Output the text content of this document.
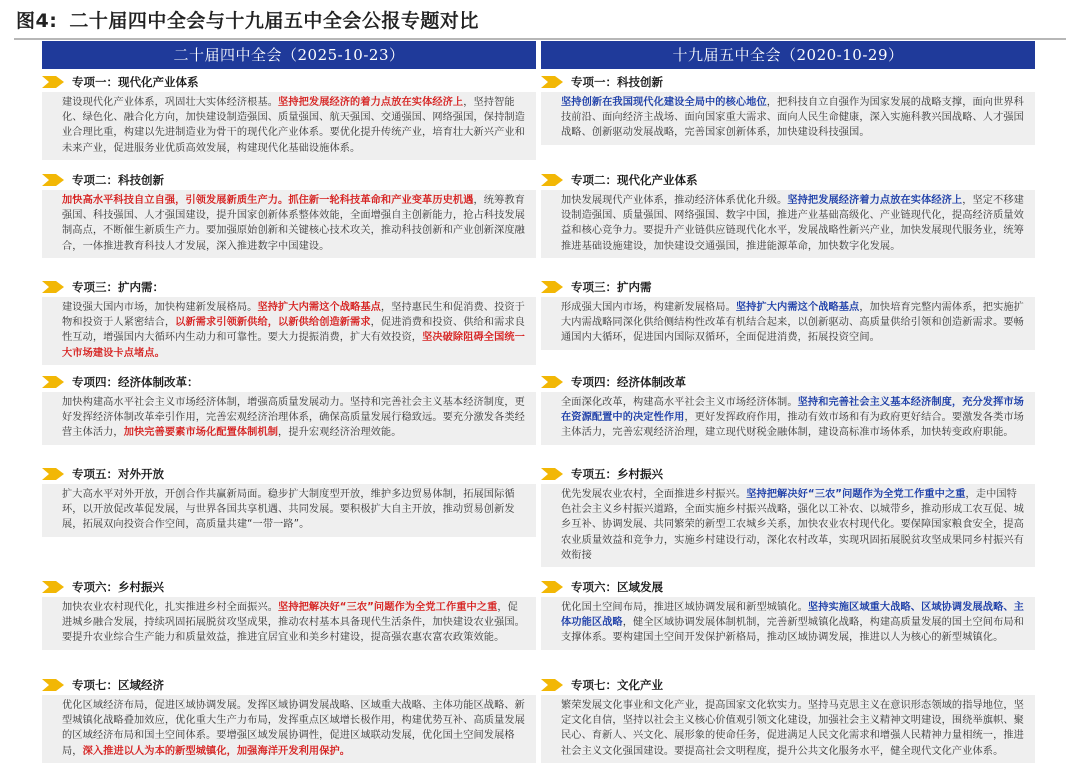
图4: 二十届四中全会与十九届五中全会公报专题对比
二十届四中全会（2025-10-23）	十九届五中全会（2020-10-29）
专项一：现代化产业体系
建设现代化产业体系，巩固壮大实体经济根基。坚持把发展经济的着力点放在实体经济上，坚持智能化、绿色化、融合化方向，加快建设制造强国、质量强国、航天强国、交通强国、网络强国，保持制造业合理比重，构建以先进制造业为骨干的现代化产业体系。要优化提升传统产业，培育壮大新兴产业和未来产业，促进服务业优质高效发展，构建现代化基础设施体系。
专项二：科技创新
加快高水平科技自立自强，引领发展新质生产力。抓住新一轮科技革命和产业变革历史机遇，统筹教育强国、科技强国、人才强国建设，提升国家创新体系整体效能，全面增强自主创新能力，抢占科技发展制高点，不断催生新质生产力。要加强原始创新和关键核心技术攻关，推动科技创新和产业创新深度融合，一体推进教育科技人才发展，深入推进数字中国建设。
专项三：扩内需：
建设强大国内市场，加快构建新发展格局。坚持扩大内需这个战略基点，坚持惠民生和促消费、投资于物和投资于人紧密结合，以新需求引领新供给，以新供给创造新需求，促进消费和投资、供给和需求良性互动，增强国内大循环内生动力和可靠性。要大力提振消费，扩大有效投资，坚决破除阻碍全国统一大市场建设卡点堵点。
专项四：经济体制改革：
加快构建高水平社会主义市场经济体制，增强高质量发展动力。坚持和完善社会主义基本经济制度，更好发挥经济体制改革牵引作用，完善宏观经济治理体系，确保高质量发展行稳致远。要充分激发各类经营主体活力，加快完善要素市场化配置体制机制，提升宏观经济治理效能。
专项五：对外开放
扩大高水平对外开放，开创合作共赢新局面。稳步扩大制度型开放，维护多边贸易体制，拓展国际循环，以开放促改革促发展，与世界各国共享机遇、共同发展。要积极扩大自主开放，推动贸易创新发展，拓展双向投资合作空间，高质量共建“一带一路”。
专项六：乡村振兴
加快农业农村现代化，扎实推进乡村全面振兴。坚持把解决好“三农”问题作为全党工作重中之重，促进城乡融合发展，持续巩固拓展脱贫攻坚成果，推动农村基本具备现代生活条件，加快建设农业强国。要提升农业综合生产能力和质量效益，推进宜居宜业和美乡村建设，提高强农惠农富农政策效能。
专项七：区域经济
优化区域经济布局，促进区域协调发展。发挥区域协调发展战略、区域重大战略、主体功能区战略、新型城镇化战略叠加效应，优化重大生产力布局，发挥重点区域增长极作用，构建优势互补、高质量发展的区域经济布局和国土空间体系。要增强区域发展协调性，促进区域联动发展，优化国土空间发展格局，深入推进以人为本的新型城镇化，加强海洋开发利用保护。
专项一：科技创新
坚持创新在我国现代化建设全局中的核心地位，把科技自立自强作为国家发展的战略支撑，面向世界科技前沿、面向经济主战场、面向国家重大需求、面向人民生命健康，深入实施科教兴国战略、人才强国战略、创新驱动发展战略，完善国家创新体系，加快建设科技强国。
专项二：现代化产业体系
加快发展现代产业体系，推动经济体系优化升级。坚持把发展经济着力点放在实体经济上，坚定不移建设制造强国、质量强国、网络强国、数字中国，推进产业基础高级化、产业链现代化，提高经济质量效益和核心竞争力。要提升产业链供应链现代化水平，发展战略性新兴产业，加快发展现代服务业，统筹推进基础设施建设，加快建设交通强国，推进能源革命，加快数字化发展。
专项三：扩内需
形成强大国内市场，构建新发展格局。坚持扩大内需这个战略基点，加快培育完整内需体系，把实施扩大内需战略同深化供给侧结构性改革有机结合起来，以创新驱动、高质量供给引领和创造新需求。要畅通国内大循环，促进国内国际双循环，全面促进消费，拓展投资空间。
专项四：经济体制改革
全面深化改革，构建高水平社会主义市场经济体制。坚持和完善社会主义基本经济制度，充分发挥市场在资源配置中的决定性作用，更好发挥政府作用，推动有效市场和有为政府更好结合。要激发各类市场主体活力，完善宏观经济治理，建立现代财税金融体制，建设高标准市场体系，加快转变政府职能。
专项五：乡村振兴
优先发展农业农村，全面推进乡村振兴。坚持把解决好“三农”问题作为全党工作重中之重，走中国特色社会主义乡村振兴道路，全面实施乡村振兴战略，强化以工补农、以城带乡，推动形成工农互促、城乡互补、协调发展、共同繁荣的新型工农城乡关系，加快农业农村现代化。要保障国家粮食安全，提高农业质量效益和竞争力，实施乡村建设行动，深化农村改革，实现巩固拓展脱贫攻坚成果同乡村振兴有效衔接
专项六：区域发展
优化国土空间布局，推进区域协调发展和新型城镇化。坚持实施区域重大战略、区域协调发展战略、主体功能区战略，健全区域协调发展体制机制，完善新型城镇化战略，构建高质量发展的国土空间布局和支撑体系。要构建国土空间开发保护新格局，推动区域协调发展，推进以人为核心的新型城镇化。
专项七：文化产业
繁荣发展文化事业和文化产业，提高国家文化软实力。坚持马克思主义在意识形态领域的指导地位，坚定文化自信，坚持以社会主义核心价值观引领文化建设，加强社会主义精神文明建设，围绕举旗帜、聚民心、育新人、兴文化、展形象的使命任务，促进满足人民文化需求和增强人民精神力量相统一，推进社会主义文化强国建设。要提高社会文明程度，提升公共文化服务水平，健全现代文化产业体系。
